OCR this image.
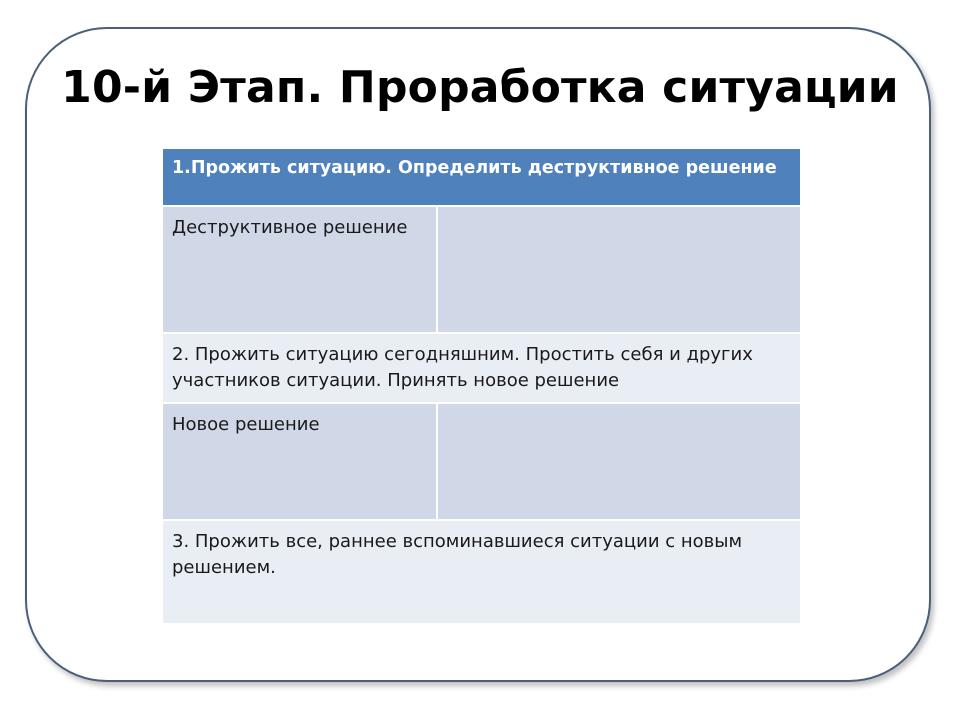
10-й Этап. Проработка ситуации
1.Прожить ситуацию. Определить деструктивное решение	
Деструктивное решение	
2. Прожить ситуацию сегодняшним. Простить себя и других участников ситуации. Принять новое решение	
Новое решение	
3. Прожить все, раннее вспоминавшиеся ситуации с новым решением.	
